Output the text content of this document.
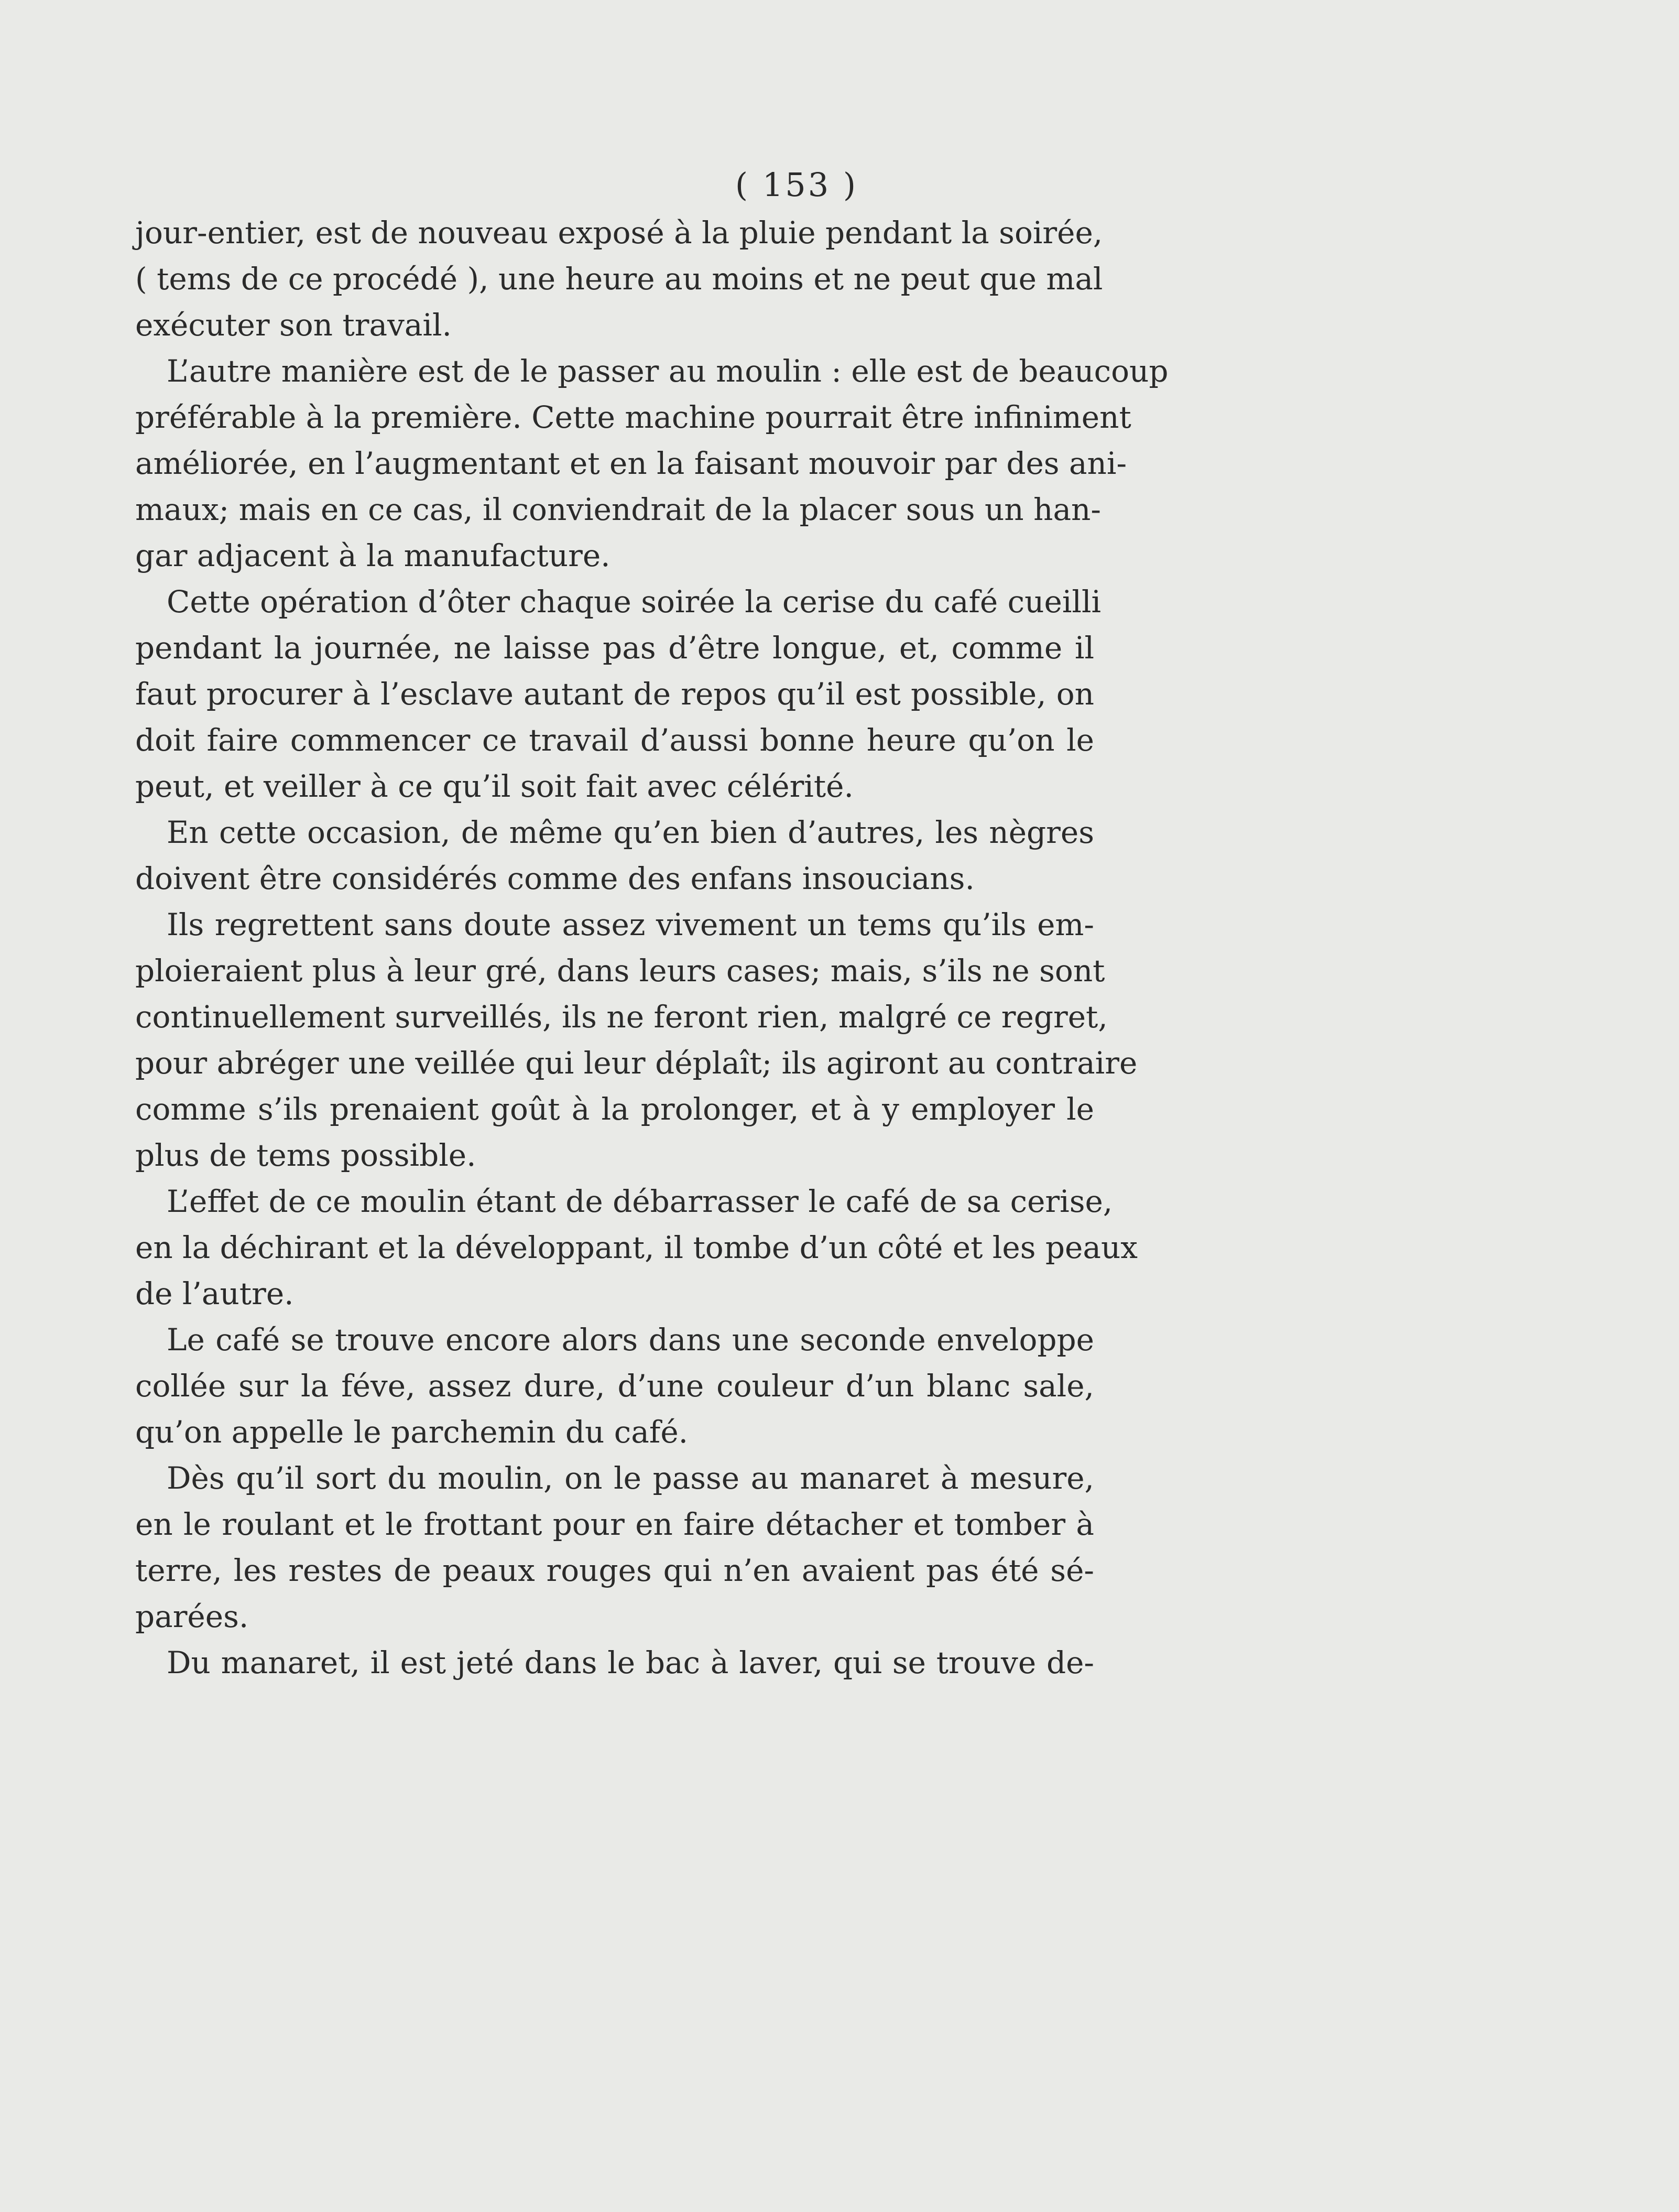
( 153 )
jour-entier, est de nouveau exposé à la pluie pendant la soirée,
( tems de ce procédé ), une heure au moins et ne peut que mal
exécuter son travail.
L’autre manière est de le passer au moulin : elle est de beaucoup
préférable à la première. Cette machine pourrait être infiniment
améliorée, en l’augmentant et en la faisant mouvoir par des ani-
maux; mais en ce cas, il conviendrait de la placer sous un han-
gar adjacent à la manufacture.
Cette opération d’ôter chaque soirée la cerise du café cueilli
pendant la journée, ne laisse pas d’être longue, et, comme il
faut procurer à l’esclave autant de repos qu’il est possible, on
doit faire commencer ce travail d’aussi bonne heure qu’on le
peut, et veiller à ce qu’il soit fait avec célérité.
En cette occasion, de même qu’en bien d’autres, les nègres
doivent être considérés comme des enfans insoucians.
Ils regrettent sans doute assez vivement un tems qu’ils em-
ploieraient plus à leur gré, dans leurs cases; mais, s’ils ne sont
continuellement surveillés, ils ne feront rien, malgré ce regret,
pour abréger une veillée qui leur déplaît; ils agiront au contraire
comme s’ils prenaient goût à la prolonger, et à y employer le
plus de tems possible.
L’effet de ce moulin étant de débarrasser le café de sa cerise,
en la déchirant et la développant, il tombe d’un côté et les peaux
de l’autre.
Le café se trouve encore alors dans une seconde enveloppe
collée sur la féve, assez dure, d’une couleur d’un blanc sale,
qu’on appelle le parchemin du café.
Dès qu’il sort du moulin, on le passe au manaret à mesure,
en le roulant et le frottant pour en faire détacher et tomber à
terre, les restes de peaux rouges qui n’en avaient pas été sé-
parées.
Du manaret, il est jeté dans le bac à laver, qui se trouve de-
